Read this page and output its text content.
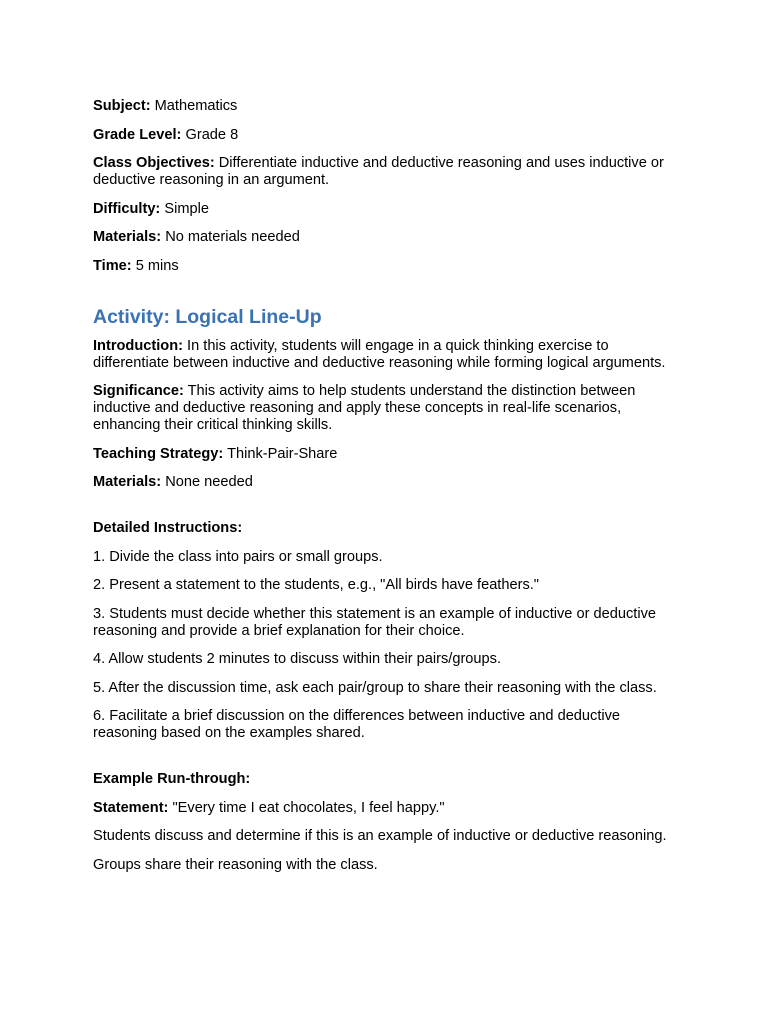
Subject: Mathematics

Grade Level: Grade 8

Class Objectives: Differentiate inductive and deductive reasoning and uses inductive or deductive reasoning in an argument.

Difficulty: Simple

Materials: No materials needed

Time: 5 mins

Activity: Logical Line-Up

Introduction: In this activity, students will engage in a quick thinking exercise to differentiate between inductive and deductive reasoning while forming logical arguments.

Significance: This activity aims to help students understand the distinction between inductive and deductive reasoning and apply these concepts in real-life scenarios, enhancing their critical thinking skills.

Teaching Strategy: Think-Pair-Share

Materials: None needed

Detailed Instructions:

1. Divide the class into pairs or small groups.

2. Present a statement to the students, e.g., "All birds have feathers."

3. Students must decide whether this statement is an example of inductive or deductive reasoning and provide a brief explanation for their choice.

4. Allow students 2 minutes to discuss within their pairs/groups.

5. After the discussion time, ask each pair/group to share their reasoning with the class.

6. Facilitate a brief discussion on the differences between inductive and deductive reasoning based on the examples shared.

Example Run-through:

Statement: "Every time I eat chocolates, I feel happy."

Students discuss and determine if this is an example of inductive or deductive reasoning.

Groups share their reasoning with the class.
